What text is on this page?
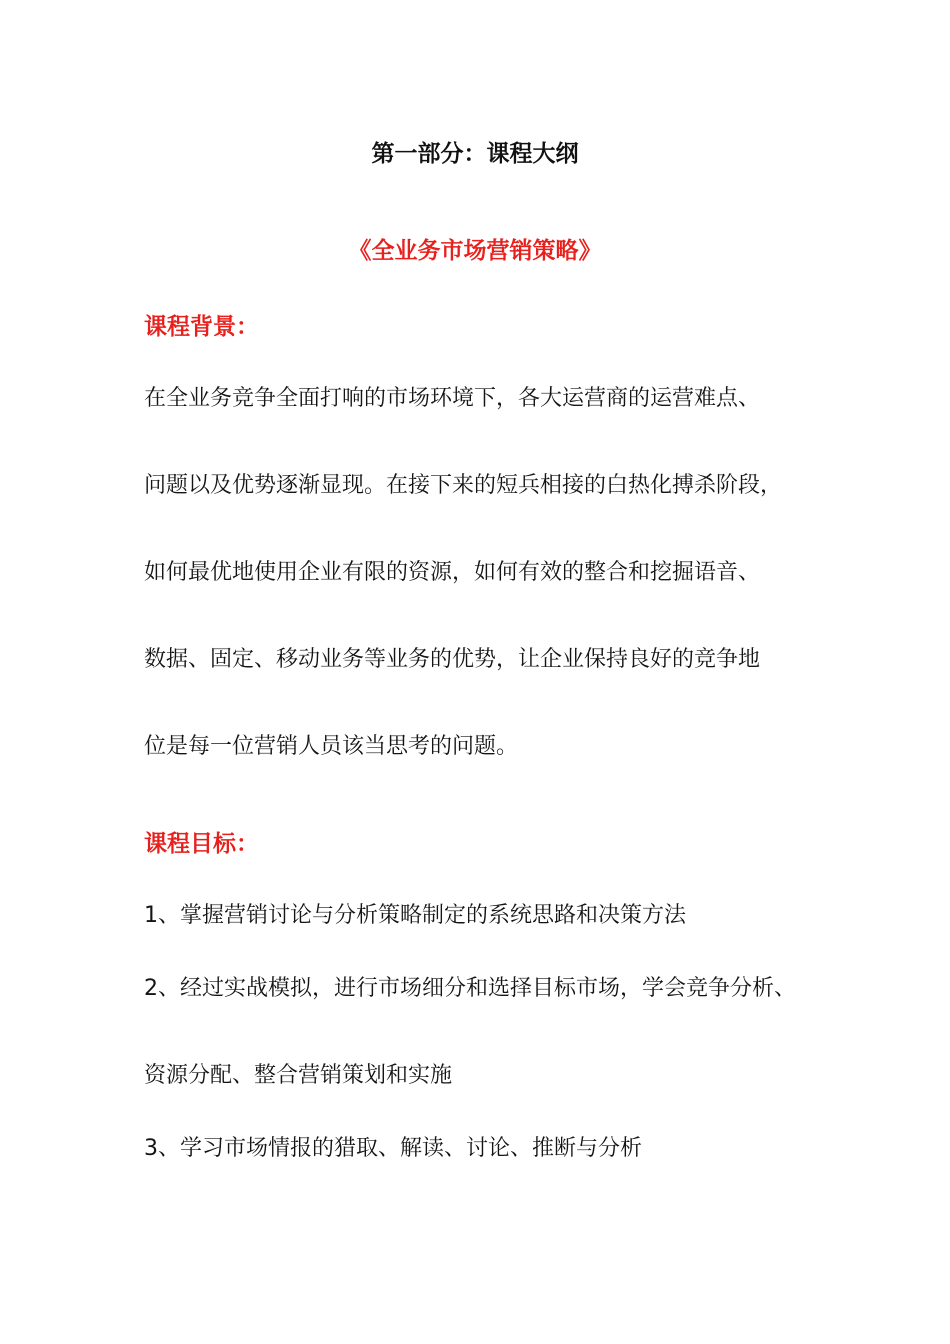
第一部分：课程大纲
《全业务市场营销策略》
课程背景：
在全业务竞争全面打响的市场环境下，各大运营商的运营难点、
问题以及优势逐渐显现。在接下来的短兵相接的白热化搏杀阶段，
如何最优地使用企业有限的资源，如何有效的整合和挖掘语音、
数据、固定、移动业务等业务的优势，让企业保持良好的竞争地
位是每一位营销人员该当思考的问题。
课程目标：
1、掌握营销讨论与分析策略制定的系统思路和决策方法
2、经过实战模拟，进行市场细分和选择目标市场，学会竞争分析、
资源分配、整合营销策划和实施
3、学习市场情报的猎取、解读、讨论、推断与分析
